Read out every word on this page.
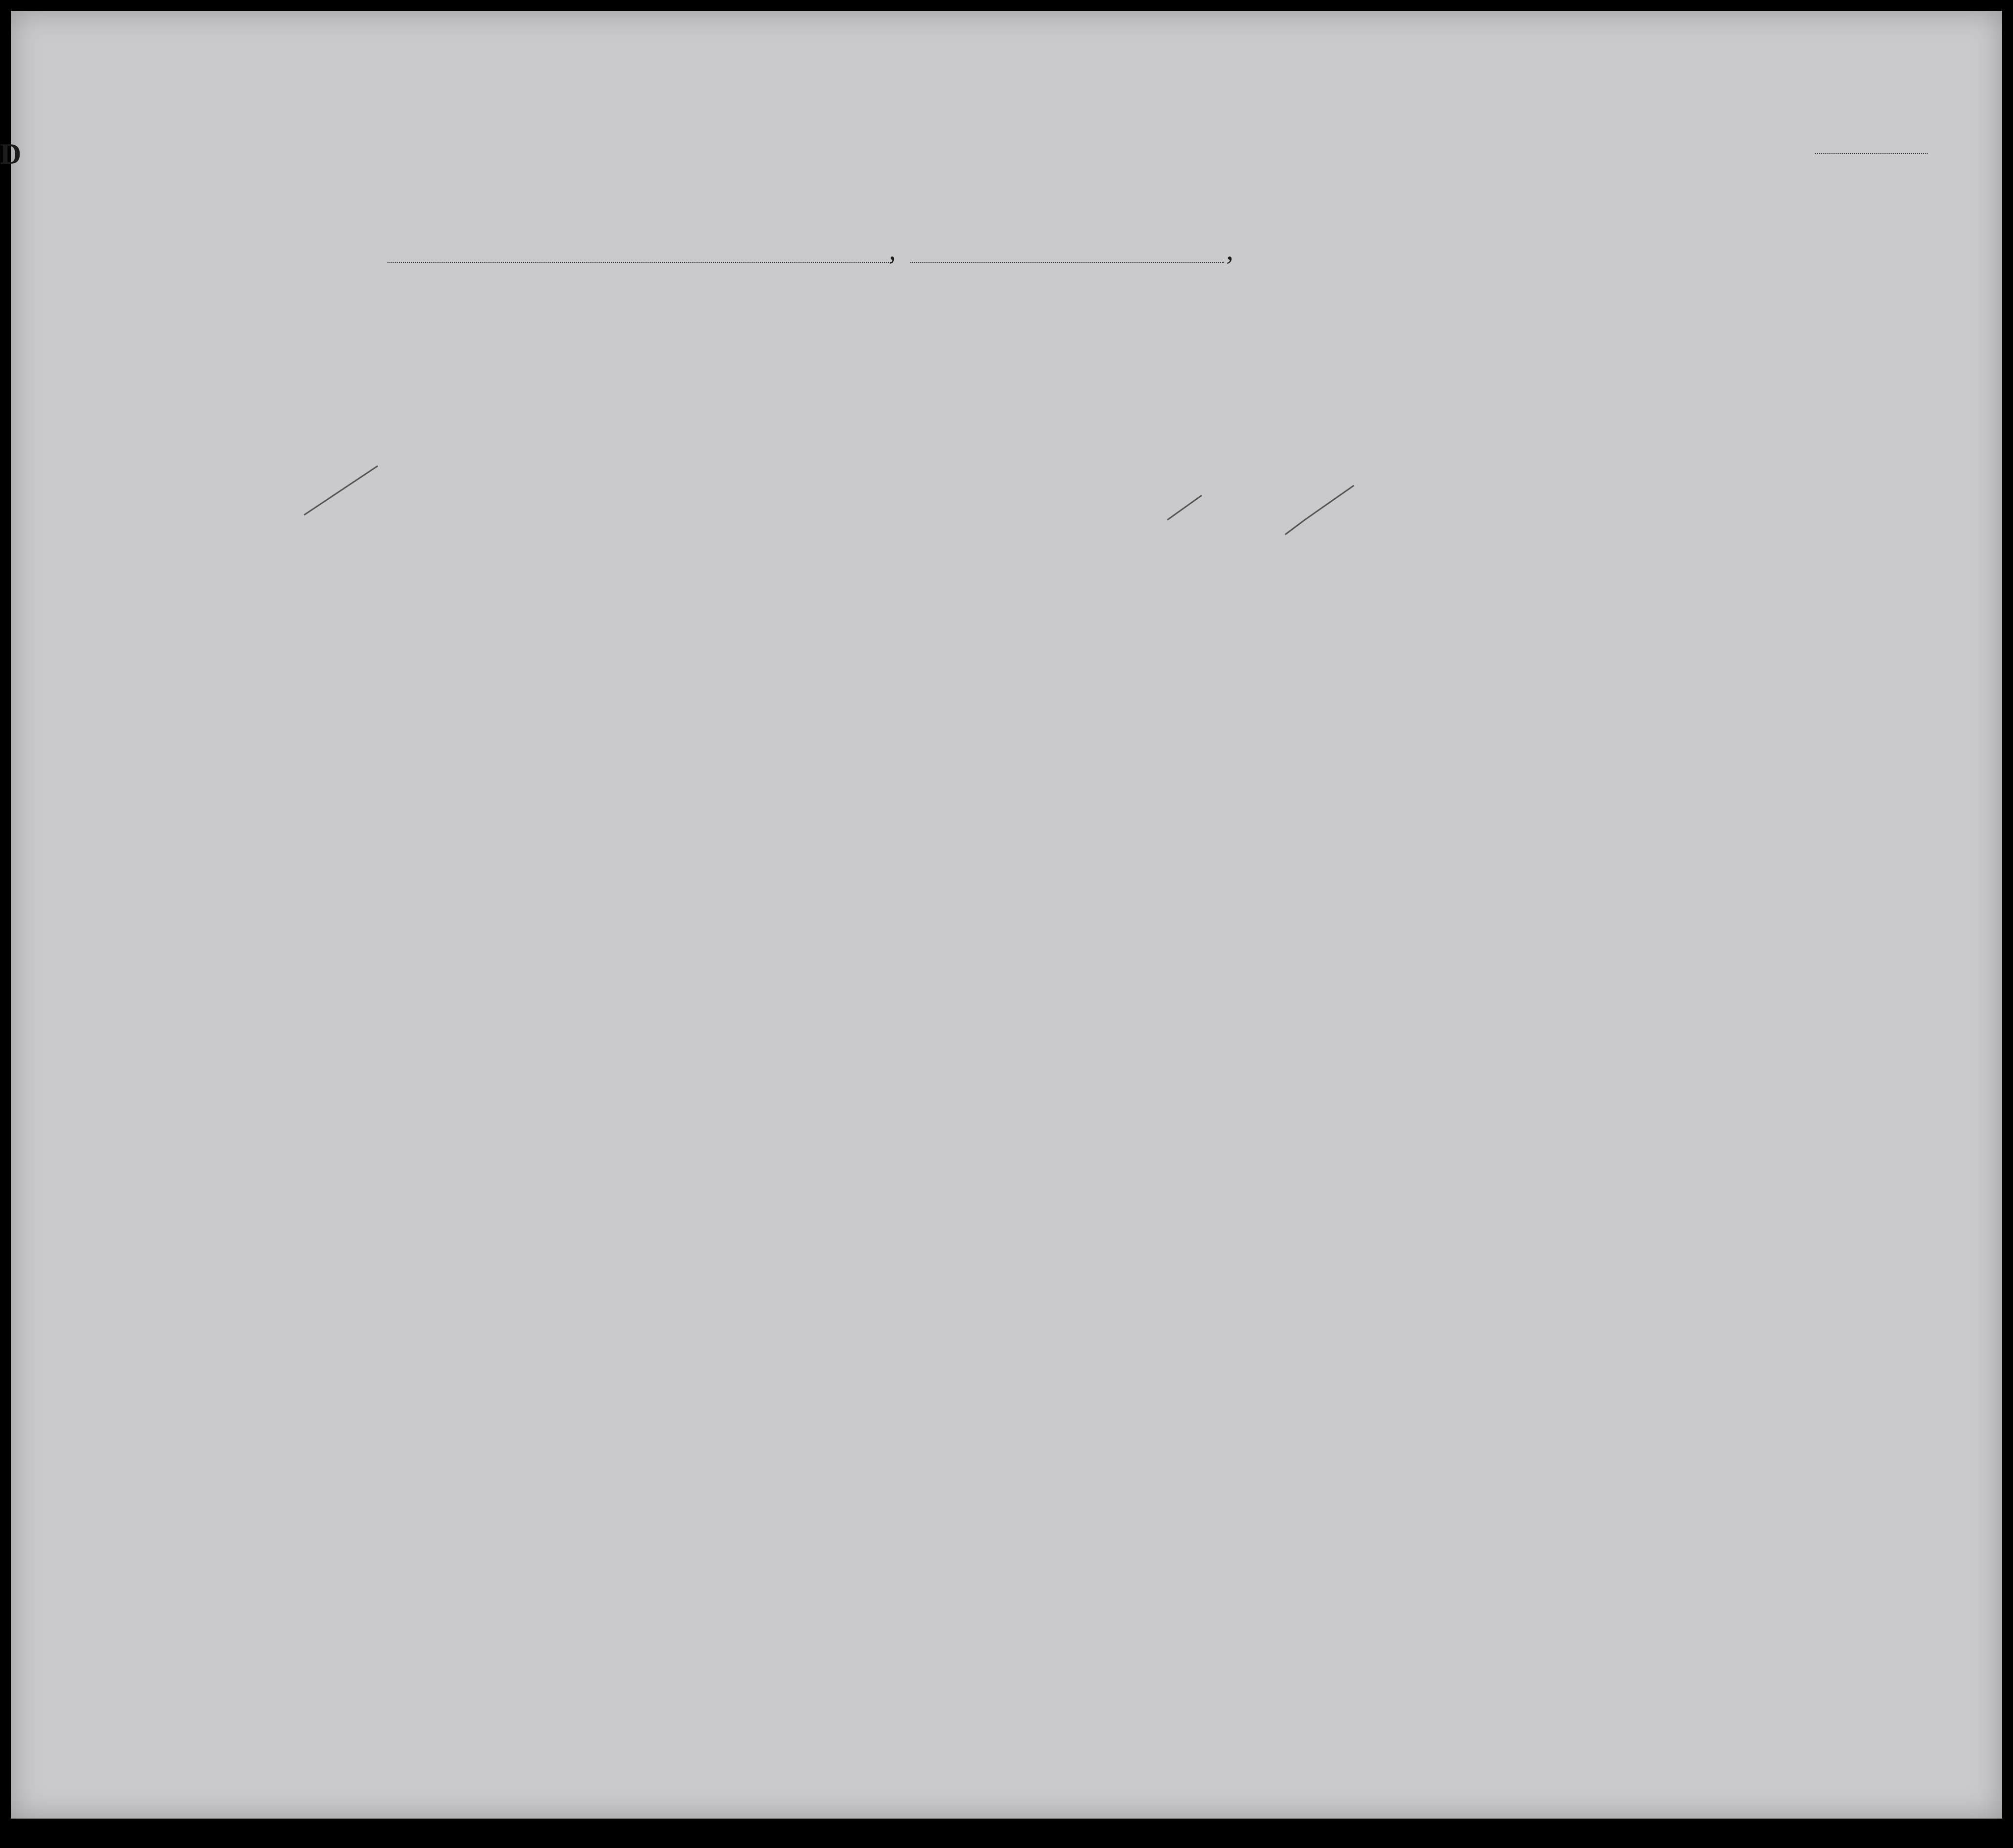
D
,	,
